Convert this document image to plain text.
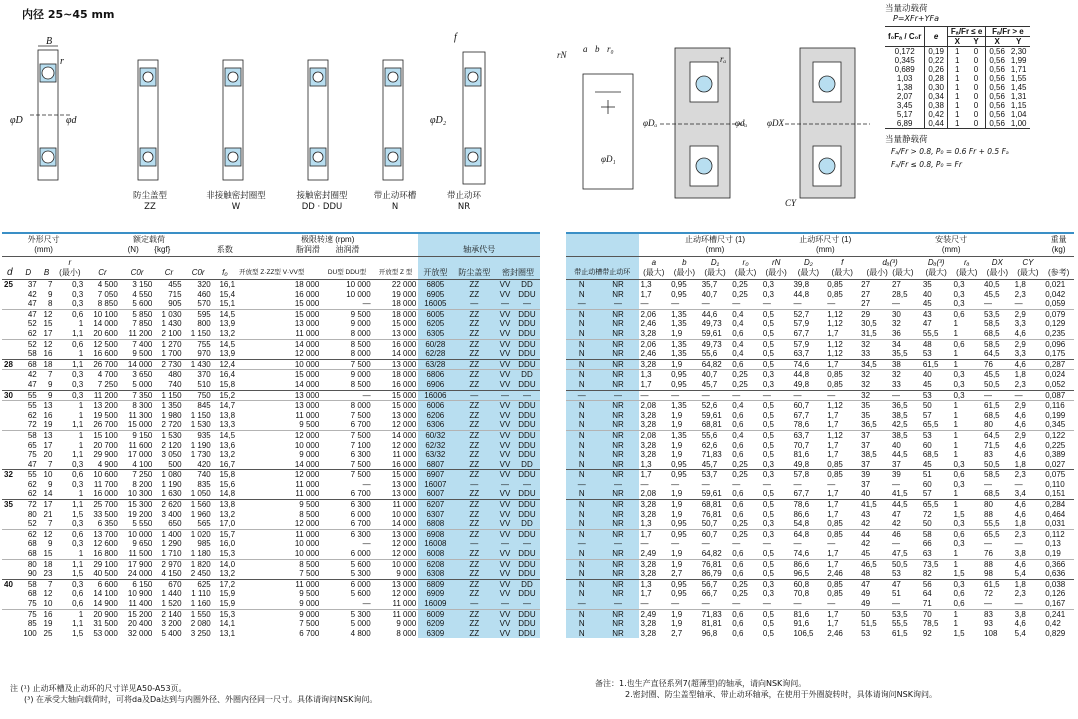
内径 25~45 mm
B
r
φD	φd	φD₂
f
防尘盖型
ZZ
非接触密封圈型
W
接触密封圈型
DD · DDU
带止动环槽
N
带止动环
NR
rN
a b r₀
φD₁
φDₐ	φdₐ φDX
CY
rₐ
当量动载荷
P=XFr+YFa
f₀Fₐ / C₀r	e	Fₐ/Fr ≤ e		Fₐ/Fr > e	
		X	Y	X	Y
0,172	0,19	1	0	0,56	2,30
0,345	0,22	1	0	0,56	1,99
0,689	0,26	1	0	0,56	1,71
1,03	0,28	1	0	0,56	1,55
1,38	0,30	1	0	0,56	1,45
2,07	0,34	1	0	0,56	1,31
3,45	0,38	1	0	0,56	1,15
5,17	0,42	1	0	0,56	1,04
6,89	0,44	1	0	0,56	1,00
当量静载荷
Fₐ/Fr > 0.8, P₀ = 0.6 Fr + 0.5 Fₐ
Fₐ/Fr ≤ 0.8, P₀ = Fr
外形尺寸
(mm)				额定载荷
(N) {kgf}				系数	极限转速 (rpm)
脂润滑 油润滑			轴承代号			
d	D	B	r
(最小)	Cr	C0r	Cr	C0r	f₀	开放型 Z·ZZ型 V·VV型	DU型 DDU型	开放型 Z 型	开放型	防尘盖型	密封圈型	
25	37	7	0,3	4 500	3 150	455	320	16,1	18 000	10 000	22 000	6805	ZZ	VV	DD
	42	9	0,3	7 050	4 550	715	460	15,4	16 000	10 000	19 000	6905	ZZ	VV	DDU
	47	8	0,3	8 850	5 600	905	570	15,1	15 000	—	18 000	16005	—	—	—
	47	12	0,6	10 100	5 850	1 030	595	14,5	15 000	9 500	18 000	6005	ZZ	VV	DDU
	52	15	1	14 000	7 850	1 430	800	13,9	13 000	9 000	15 000	6205	ZZ	VV	DDU
	62	17	1,1	20 600	11 200	2 100	1 150	13,2	11 000	8 000	13 000	6305	ZZ	VV	DDU
	52	12	0,6	12 500	7 400	1 270	755	14,5	14 000	8 500	16 000	60/28	ZZ	VV	DDU
	58	16	1	16 600	9 500	1 700	970	13,9	12 000	8 000	14 000	62/28	ZZ	VV	DDU
28	68	18	1,1	26 700	14 000	2 730	1 430	12,4	10 000	7 500	13 000	63/28	ZZ	VV	DDU
	42	7	0,3	4 700	3 650	480	370	16,4	15 000	9 000	18 000	6806	ZZ	VV	DD
	47	9	0,3	7 250	5 000	740	510	15,8	14 000	8 500	16 000	6906	ZZ	VV	DDU
30	55	9	0,3	11 200	7 350	1 150	750	15,2	13 000	—	15 000	16006	—	—	—
	55	13	1	13 200	8 300	1 350	845	14,7	13 000	8 000	15 000	6006	ZZ	VV	DDU
	62	16	1	19 500	11 300	1 980	1 150	13,8	11 000	7 500	13 000	6206	ZZ	VV	DDU
	72	19	1,1	26 700	15 000	2 720	1 530	13,3	9 500	6 700	12 000	6306	ZZ	VV	DDU
	58	13	1	15 100	9 150	1 530	935	14,5	12 000	7 500	14 000	60/32	ZZ	VV	DDU
	65	17	1	20 700	11 600	2 120	1 190	13,6	10 000	7 100	12 000	62/32	ZZ	VV	DDU
	75	20	1,1	29 900	17 000	3 050	1 730	13,2	9 000	6 300	11 000	63/32	ZZ	VV	DDU
	47	7	0,3	4 900	4 100	500	420	16,7	14 000	7 500	16 000	6807	ZZ	VV	DD
32	55	10	0,6	10 600	7 250	1 080	740	15,8	12 000	7 500	15 000	6907	ZZ	VV	DDU
	62	9	0,3	11 700	8 200	1 190	835	15,6	11 000	—	13 000	16007	—	—	—
	62	14	1	16 000	10 300	1 630	1 050	14,8	11 000	6 700	13 000	6007	ZZ	VV	DDU
35	72	17	1,1	25 700	15 300	2 620	1 560	13,8	9 500	6 300	11 000	6207	ZZ	VV	DDU
	80	21	1,5	33 500	19 200	3 400	1 960	13,2	8 500	6 000	10 000	6307	ZZ	VV	DDU
	52	7	0,3	6 350	5 550	650	565	17,0	12 000	6 700	14 000	6808	ZZ	VV	DD
	62	12	0,6	13 700	10 000	1 400	1 020	15,7	11 000	6 300	13 000	6908	ZZ	VV	DDU
	68	9	0,3	12 600	9 650	1 290	985	16,0	10 000	—	12 000	16008	—	—	—
	68	15	1	16 800	11 500	1 710	1 180	15,3	10 000	6 000	12 000	6008	ZZ	VV	DDU
	80	18	1,1	29 100	17 900	2 970	1 820	14,0	8 500	5 600	10 000	6208	ZZ	VV	DDU
	90	23	1,5	40 500	24 000	4 150	2 450	13,2	7 500	5 300	9 000	6308	ZZ	VV	DDU
40	58	7	0,3	6 600	6 150	670	625	17,2	11 000	6 000	13 000	6809	ZZ	VV	DD
	68	12	0,6	14 100	10 900	1 440	1 110	15,9	9 500	5 600	12 000	6909	ZZ	VV	DDU
	75	10	0,6	14 900	11 400	1 520	1 160	15,9	9 000	—	11 000	16009	—	—	—
	75	16	1	20 900	15 200	2 140	1 550	15,3	9 000	5 300	11 000	6009	ZZ	VV	DDU
	85	19	1,1	31 500	20 400	3 200	2 080	14,1	7 500	5 000	9 000	6209	ZZ	VV	DDU
	100	25	1,5	53 000	32 000	5 400	3 250	13,1	6 700	4 800	8 000	6309	ZZ	VV	DDU
		止动环槽尺寸 (1)
(mm)					止动环尺寸 (1)
(mm)		安装尺寸
(mm)						重量
(kg)
带止动槽带止动环		a
(最大)	b
(最小)	D₁
(最大)	r₀
(最大)	rN
(最小)	D₂
(最大)	f
(最大)	dₐ(³)
(最小) (最大)		Dₐ(³)
(最大)	rₐ
(最大)	DX
(最小)	CY
(最大)	(参考)
N	NR	1,3	0,95	35,7	0,25	0,3	39,8	0,85	27	27	35	0,3	40,5	1,8	0,021
N	NR	1,7	0,95	40,7	0,25	0,3	44,8	0,85	27	28,5	40	0,3	45,5	2,3	0,042
—	—	—	—	—	—	—	—	—	27	—	45	0,3	—	—	0,059
N	NR	2,06	1,35	44,6	0,4	0,5	52,7	1,12	29	30	43	0,6	53,5	2,9	0,079
N	NR	2,46	1,35	49,73	0,4	0,5	57,9	1,12	30,5	32	47	1	58,5	3,3	0,129
N	NR	3,28	1,9	59,61	0,6	0,5	67,7	1,7	31,5	36	55,5	1	68,5	4,6	0,235
N	NR	2,06	1,35	49,73	0,4	0,5	57,9	1,12	32	34	48	0,6	58,5	2,9	0,096
N	NR	2,46	1,35	55,6	0,4	0,5	63,7	1,12	33	35,5	53	1	64,5	3,3	0,175
N	NR	3,28	1,9	64,82	0,6	0,5	74,6	1,7	34,5	38	61,5	1	76	4,6	0,287
N	NR	1,3	0,95	40,7	0,25	0,3	44,8	0,85	32	32	40	0,3	45,5	1,8	0,024
N	NR	1,7	0,95	45,7	0,25	0,3	49,8	0,85	32	33	45	0,3	50,5	2,3	0,052
—	—	—	—	—	—	—	—	—	32	—	53	0,3	—	—	0,087
N	NR	2,08	1,35	52,6	0,4	0,5	60,7	1,12	35	36,5	50	1	61,5	2,9	0,116
N	NR	3,28	1,9	59,61	0,6	0,5	67,7	1,7	35	38,5	57	1	68,5	4,6	0,199
N	NR	3,28	1,9	68,81	0,6	0,5	78,6	1,7	36,5	42,5	65,5	1	80	4,6	0,345
N	NR	2,08	1,35	55,6	0,4	0,5	63,7	1,12	37	38,5	53	1	64,5	2,9	0,122
N	NR	3,28	1,9	62,6	0,6	0,5	70,7	1,7	37	40	60	1	71,5	4,6	0,225
N	NR	3,28	1,9	71,83	0,6	0,5	81,6	1,7	38,5	44,5	68,5	1	83	4,6	0,389
N	NR	1,3	0,95	45,7	0,25	0,3	49,8	0,85	37	37	45	0,3	50,5	1,8	0,027
N	NR	1,7	0,95	53,7	0,25	0,3	57,8	0,85	39	39	51	0,6	58,5	2,3	0,075
—	—	—	—	—	—	—	—	—	37	—	60	0,3	—	—	0,110
N	NR	2,08	1,9	59,61	0,6	0,5	67,7	1,7	40	41,5	57	1	68,5	3,4	0,151
N	NR	3,28	1,9	68,81	0,6	0,5	78,6	1,7	41,5	44,5	65,5	1	80	4,6	0,284
N	NR	3,28	1,9	76,81	0,6	0,5	86,6	1,7	43	47	72	1,5	88	4,6	0,464
N	NR	1,3	0,95	50,7	0,25	0,3	54,8	0,85	42	42	50	0,3	55,5	1,8	0,031
N	NR	1,7	0,95	60,7	0,25	0,3	64,8	0,85	44	46	58	0,6	65,5	2,3	0,112
—	—	—	—	—	—	—	—	—	42	—	66	0,3	—	—	0,13
N	NR	2,49	1,9	64,82	0,6	0,5	74,6	1,7	45	47,5	63	1	76	3,8	0,19
N	NR	3,28	1,9	76,81	0,6	0,5	86,6	1,7	46,5	50,5	73,5	1	88	4,6	0,366
N	NR	3,28	2,7	86,79	0,6	0,5	96,5	2,46	48	53	82	1,5	98	5,4	0,636
N	NR	1,3	0,95	56,7	0,25	0,3	60,8	0,85	47	47	56	0,3	61,5	1,8	0,038
N	NR	1,7	0,95	66,7	0,25	0,3	70,8	0,85	49	51	64	0,6	72	2,3	0,126
—	—	—	—	—	—	—	—	—	49	—	71	0,6	—	—	0,167
N	NR	2,49	1,9	71,83	0,6	0,5	81,6	1,7	50	53,5	70	1	83	3,8	0,241
N	NR	3,28	1,9	81,81	0,6	0,5	91,6	1,7	51,5	55,5	78,5	1	93	4,6	0,42
N	NR	3,28	2,7	96,8	0,6	0,5	106,5	2,46	53	61,5	92	1,5	108	5,4	0,829
注 (¹) 止动环槽及止动环的尺寸详见A50-A53页。
(³) 在承受大轴向载荷时，可将da及Da达到与内圈外径、外圈内径同一尺寸。具体请询问NSK询问。
备注：1.也生产直径系列7(超薄型)的轴承，请向NSK询问。
2.密封圈、防尘盖型轴承、带止动环轴承，在使用于外圈旋转时，具体请询问NSK询问。
